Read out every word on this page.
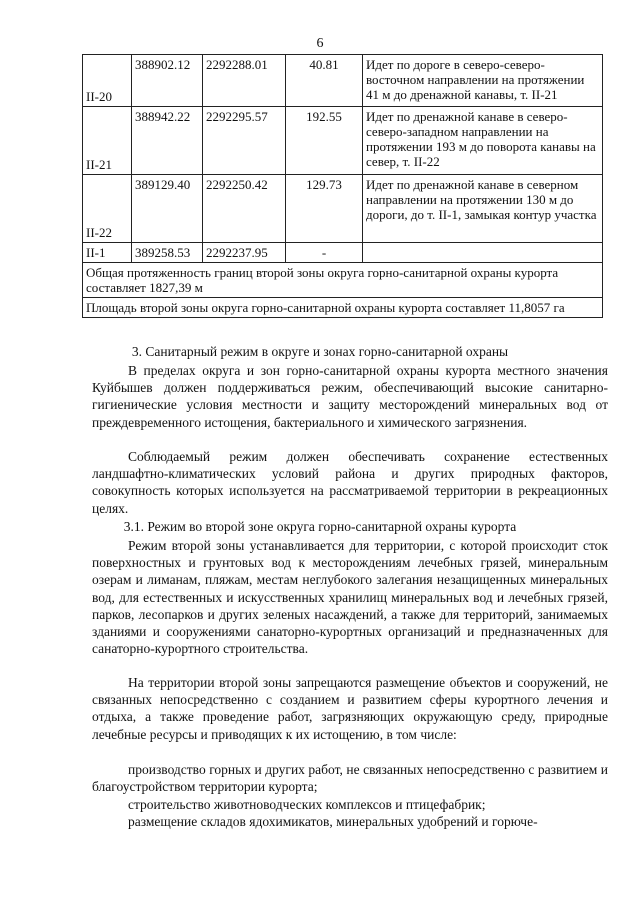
6
II-20	388902.12	2292288.01	40.81	Идет по дороге в северо-северо-восточном направлении на протяжении 41 м до дренажной канавы, т. II-21
II-21	388942.22	2292295.57	192.55	Идет по дренажной канаве в северо-северо-западном направлении на протяжении 193 м до поворота канавы на север, т. II-22
II-22	389129.40	2292250.42	129.73	Идет по дренажной канаве в северном направлении на протяжении 130 м до дороги, до т. II-1, замыкая контур участка
II-1	389258.53	2292237.95	-	
Общая протяженность границ второй зоны округа горно-санитарной охраны курорта составляет 1827,39 м				
Площадь второй зоны округа горно-санитарной охраны курорта составляет 11,8057 га				
3. Санитарный режим в округе и зонах горно-санитарной охраны

В пределах округа и зон горно-санитарной охраны курорта местного значения Куйбышев должен поддерживаться режим, обеспечивающий высокие санитарно-гигиенические условия местности и защиту месторождений минеральных вод от преждевременного истощения, бактериального и химического загрязнения.

Соблюдаемый режим должен обеспечивать сохранение естественных ландшафтно-климатических условий района и других природных факторов, совокупность которых используется на рассматриваемой территории в рекреационных целях.

3.1. Режим во второй зоне округа горно-санитарной охраны курорта

Режим второй зоны устанавливается для территории, с которой происходит сток поверхностных и грунтовых вод к месторождениям лечебных грязей, минеральным озерам и лиманам, пляжам, местам неглубокого залегания незащищенных минеральных вод, для естественных и искусственных хранилищ минеральных вод и лечебных грязей, парков, лесопарков и других зеленых насаждений, а также для территорий, занимаемых зданиями и сооружениями санаторно-курортных организаций и предназначенных для санаторно-курортного строительства.

На территории второй зоны запрещаются размещение объектов и сооружений, не связанных непосредственно с созданием и развитием сферы курортного лечения и отдыха, а также проведение работ, загрязняющих окружающую среду, природные лечебные ресурсы и приводящих к их истощению, в том числе:

производство горных и других работ, не связанных непосредственно с развитием и благоустройством территории курорта;

строительство животноводческих комплексов и птицефабрик;

размещение складов ядохимикатов, минеральных удобрений и горюче-
